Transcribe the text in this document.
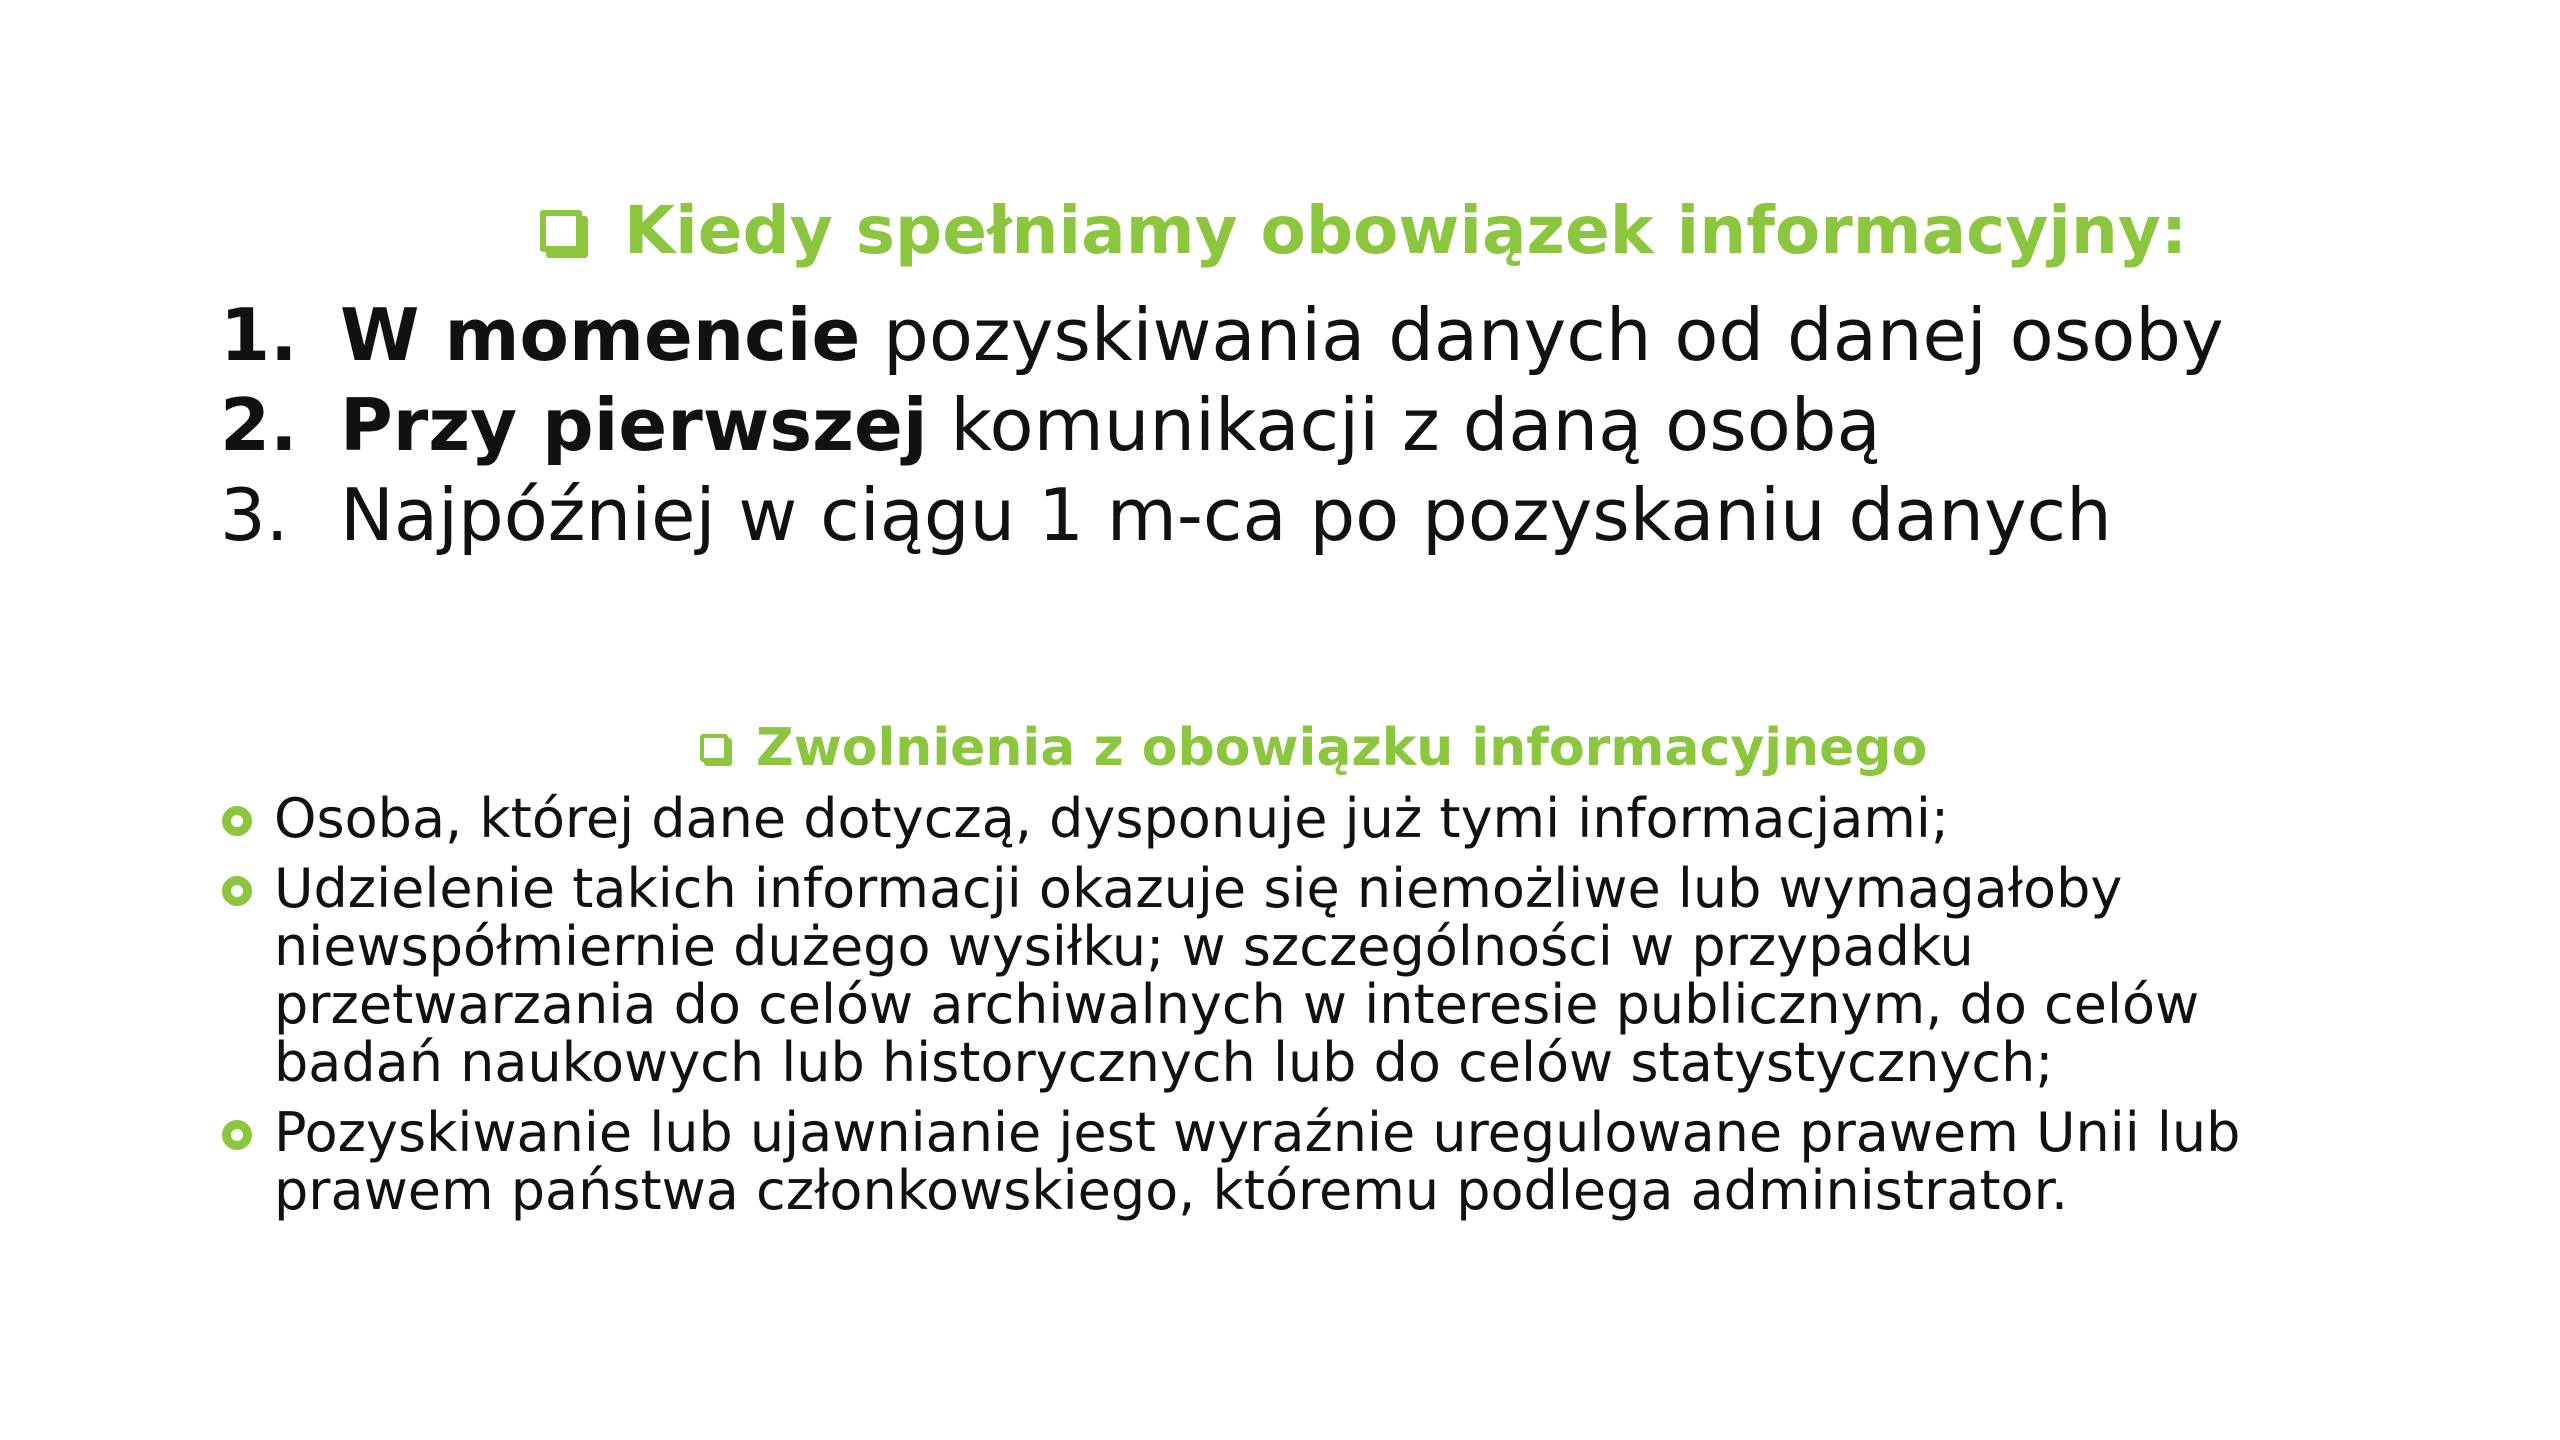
Kiedy spełniamy obowiązek informacyjny:
1. W momencie pozyskiwania danych od danej osoby
2. Przy pierwszej komunikacji z daną osobą
3. Najpóźniej w ciągu 1 m-ca po pozyskaniu danych
Zwolnienia z obowiązku informacyjnego
Osoba, której dane dotyczą, dysponuje już tymi informacjami;
Udzielenie takich informacji okazuje się niemożliwe lub wymagałoby niewspółmiernie dużego wysiłku; w szczególności w przypadku przetwarzania do celów archiwalnych w interesie publicznym, do celów badań naukowych lub historycznych lub do celów statystycznych;
Pozyskiwanie lub ujawnianie jest wyraźnie uregulowane prawem Unii lub prawem państwa członkowskiego, któremu podlega administrator.
